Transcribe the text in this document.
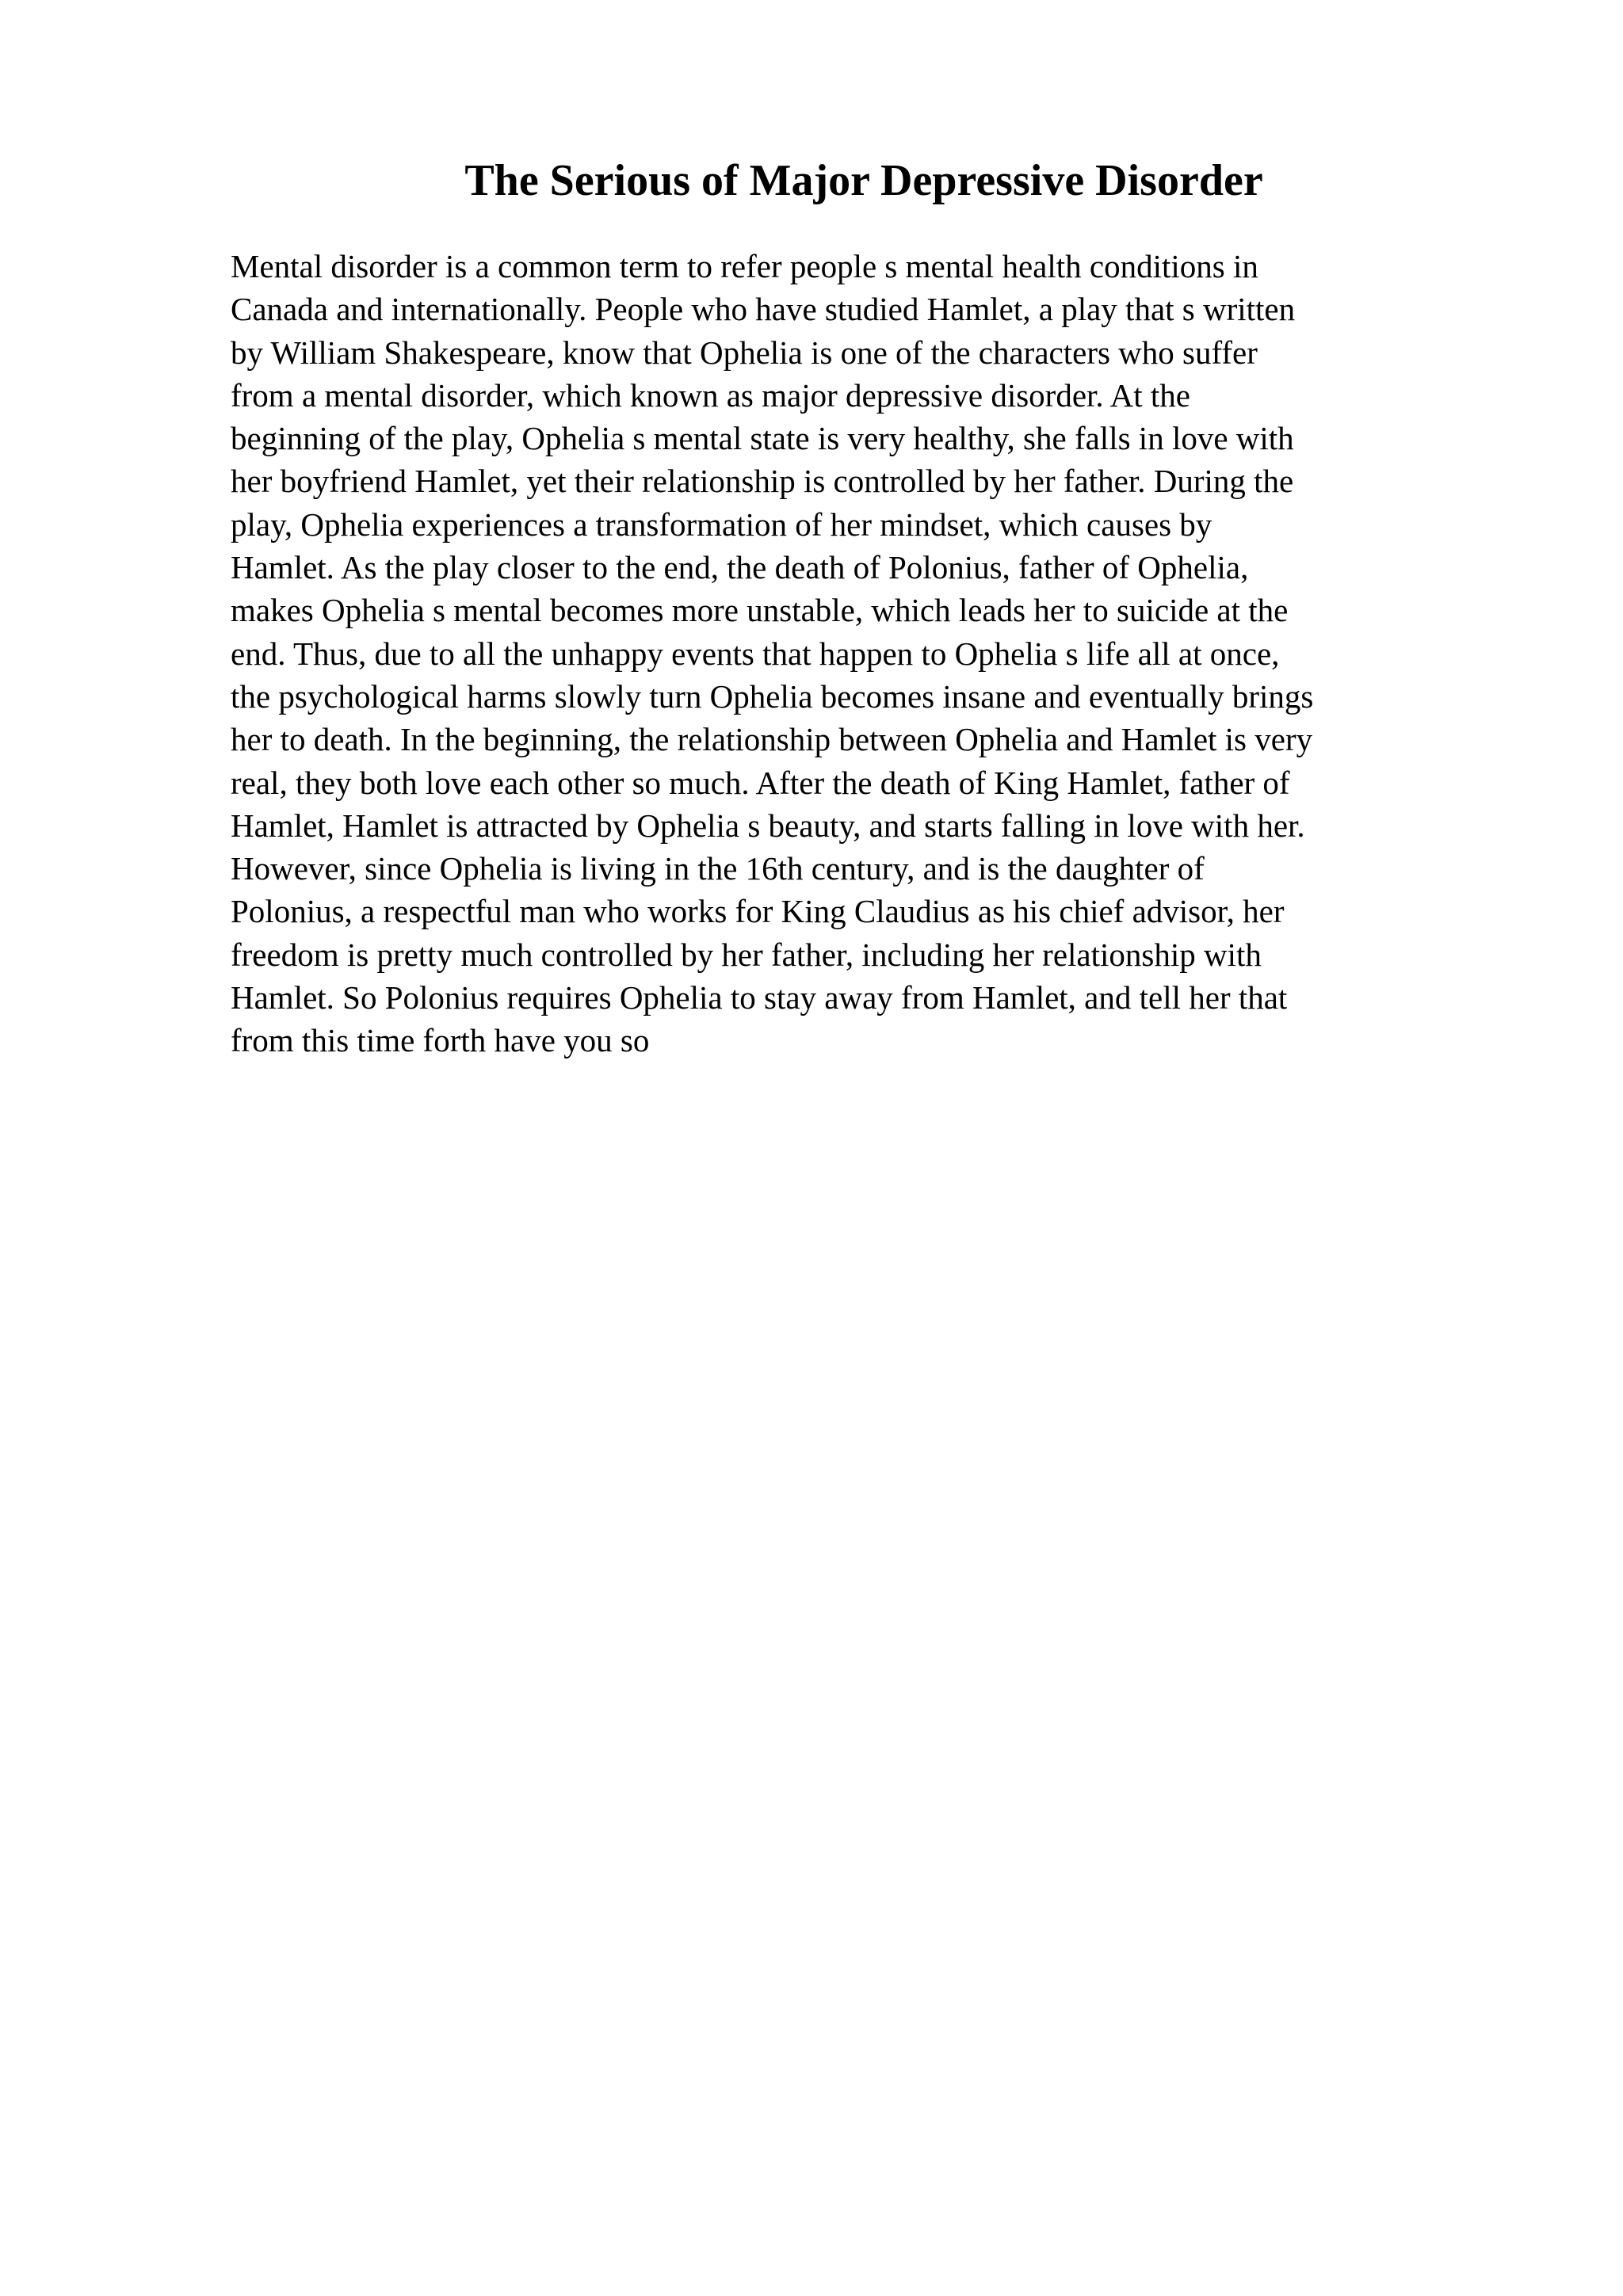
The Serious of Major Depressive Disorder
Mental disorder is a common term to refer people s mental health conditions in
Canada and internationally. People who have studied Hamlet, a play that s written
by William Shakespeare, know that Ophelia is one of the characters who suffer
from a mental disorder, which known as major depressive disorder. At the
beginning of the play, Ophelia s mental state is very healthy, she falls in love with
her boyfriend Hamlet, yet their relationship is controlled by her father. During the
play, Ophelia experiences a transformation of her mindset, which causes by
Hamlet. As the play closer to the end, the death of Polonius, father of Ophelia,
makes Ophelia s mental becomes more unstable, which leads her to suicide at the
end. Thus, due to all the unhappy events that happen to Ophelia s life all at once,
the psychological harms slowly turn Ophelia becomes insane and eventually brings
her to death. In the beginning, the relationship between Ophelia and Hamlet is very
real, they both love each other so much. After the death of King Hamlet, father of
Hamlet, Hamlet is attracted by Ophelia s beauty, and starts falling in love with her.
However, since Ophelia is living in the 16th century, and is the daughter of
Polonius, a respectful man who works for King Claudius as his chief advisor, her
freedom is pretty much controlled by her father, including her relationship with
Hamlet. So Polonius requires Ophelia to stay away from Hamlet, and tell her that
from this time forth have you so
